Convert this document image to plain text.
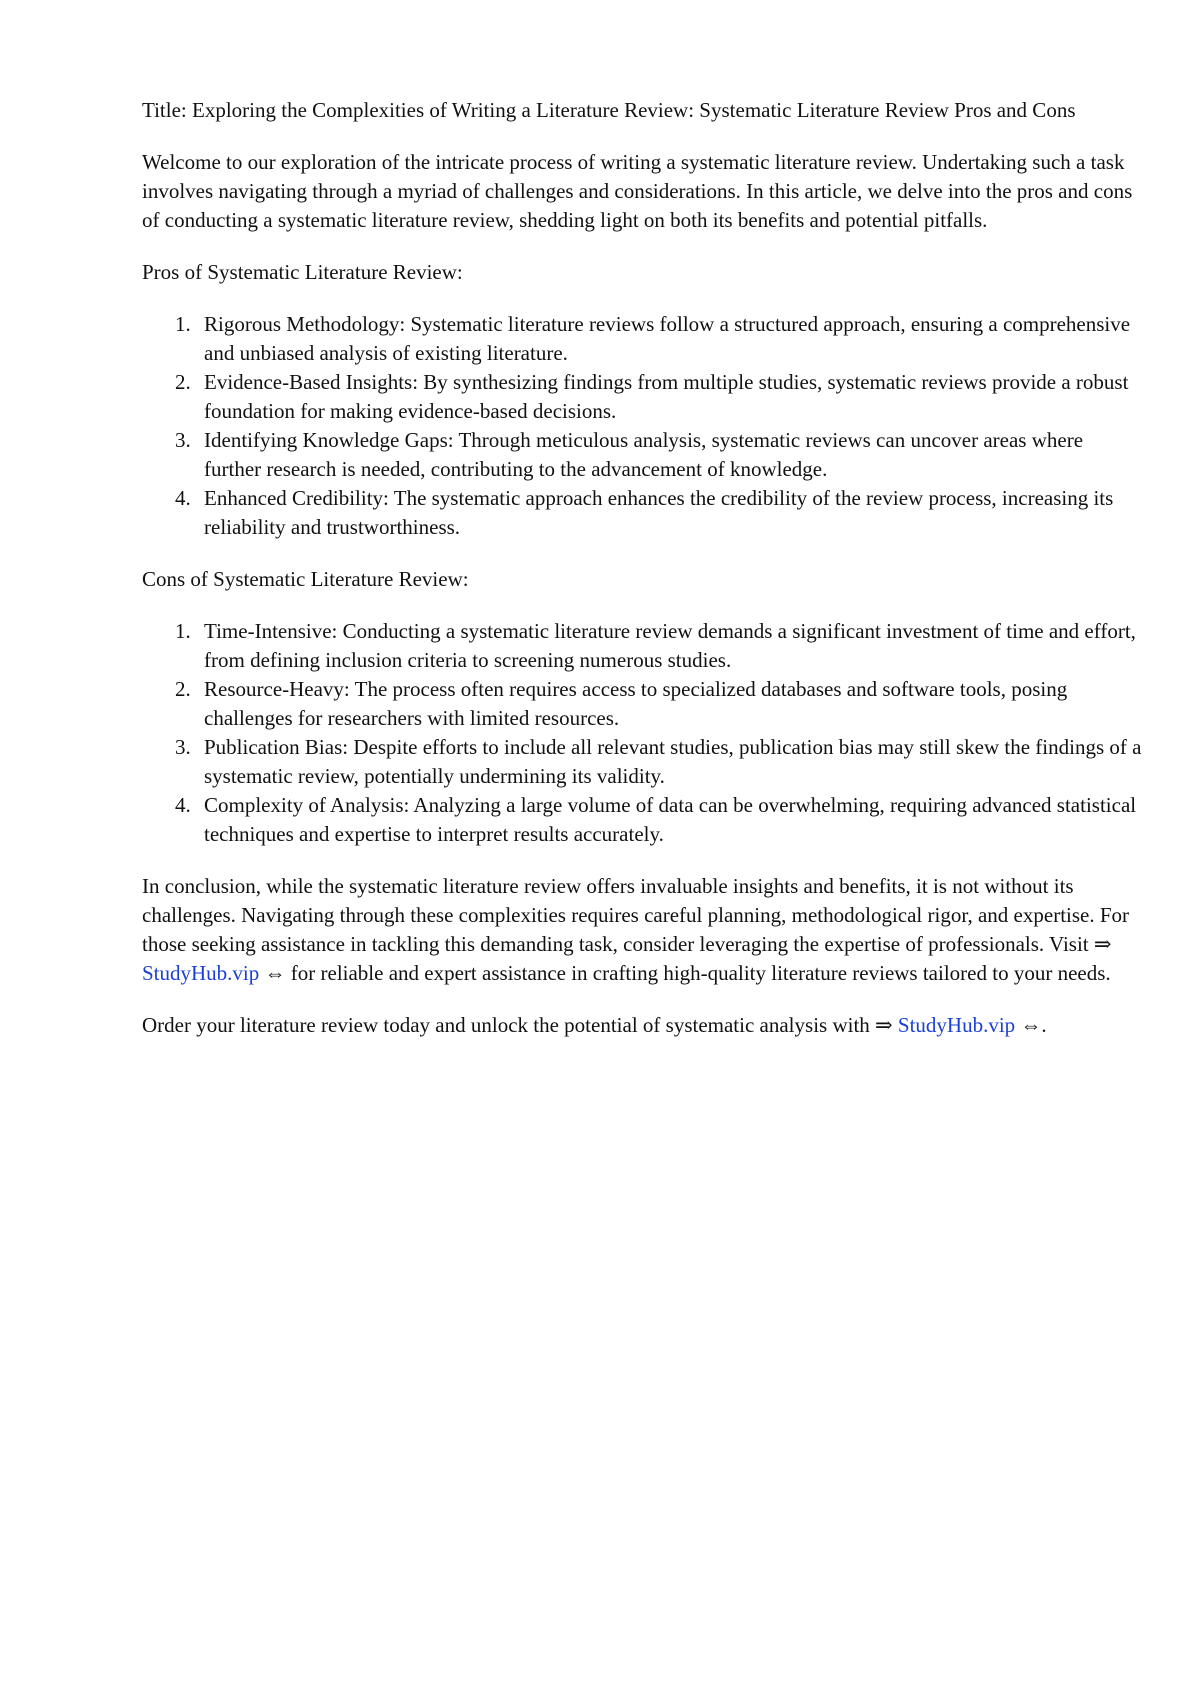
Title: Exploring the Complexities of Writing a Literature Review: Systematic Literature Review Pros and Cons

Welcome to our exploration of the intricate process of writing a systematic literature review. Undertaking such a task involves navigating through a myriad of challenges and considerations. In this article, we delve into the pros and cons of conducting a systematic literature review, shedding light on both its benefits and potential pitfalls.

Pros of Systematic Literature Review:

1. Rigorous Methodology: Systematic literature reviews follow a structured approach, ensuring a comprehensive and unbiased analysis of existing literature.
2. Evidence-Based Insights: By synthesizing findings from multiple studies, systematic reviews provide a robust foundation for making evidence-based decisions.
3. Identifying Knowledge Gaps: Through meticulous analysis, systematic reviews can uncover areas where further research is needed, contributing to the advancement of knowledge.
4. Enhanced Credibility: The systematic approach enhances the credibility of the review process, increasing its reliability and trustworthiness.

Cons of Systematic Literature Review:

1. Time-Intensive: Conducting a systematic literature review demands a significant investment of time and effort, from defining inclusion criteria to screening numerous studies.
2. Resource-Heavy: The process often requires access to specialized databases and software tools, posing challenges for researchers with limited resources.
3. Publication Bias: Despite efforts to include all relevant studies, publication bias may still skew the findings of a systematic review, potentially undermining its validity.
4. Complexity of Analysis: Analyzing a large volume of data can be overwhelming, requiring advanced statistical techniques and expertise to interpret results accurately.

In conclusion, while the systematic literature review offers invaluable insights and benefits, it is not without its challenges. Navigating through these complexities requires careful planning, methodological rigor, and expertise. For those seeking assistance in tackling this demanding task, consider leveraging the expertise of professionals. Visit ⇒ StudyHub.vip ⇔ for reliable and expert assistance in crafting high-quality literature reviews tailored to your needs.

Order your literature review today and unlock the potential of systematic analysis with ⇒ StudyHub.vip ⇔.
